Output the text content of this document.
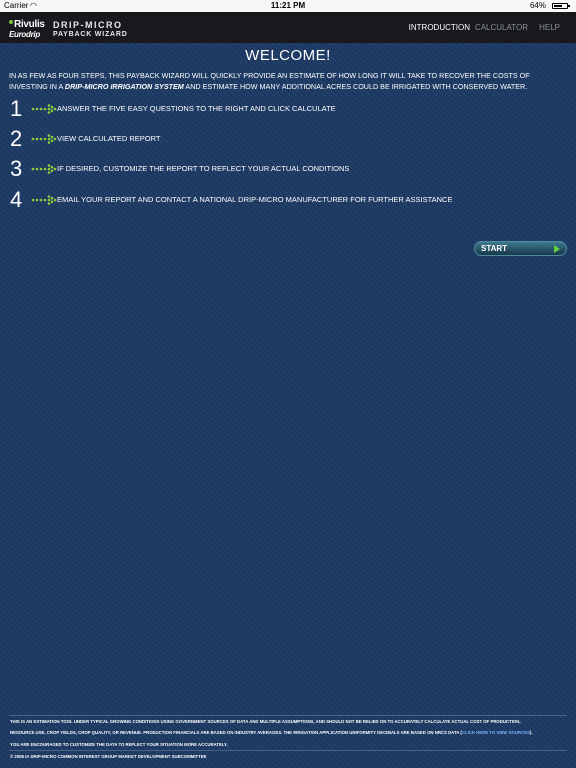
Carrier ◠	11:21 PM	64%
Rivulis
Eurodrip
DRIP-MICRO
PAYBACK WIZARD
INTRODUCTION CALCULATOR HELP
WELCOME!
IN AS FEW AS FOUR STEPS, THIS PAYBACK WIZARD WILL QUICKLY PROVIDE AN ESTIMATE OF HOW LONG IT WILL TAKE TO RECOVER THE COSTS OF INVESTING IN A DRIP-MICRO IRRIGATION SYSTEM AND ESTIMATE HOW MANY ADDITIONAL ACRES COULD BE IRRIGATED WITH CONSERVED WATER.
1	ANSWER THE FIVE EASY QUESTIONS TO THE RIGHT AND CLICK CALCULATE
2	VIEW CALCULATED REPORT
3	IF DESIRED, CUSTOMIZE THE REPORT TO REFLECT YOUR ACTUAL CONDITIONS
4	EMAIL YOUR REPORT AND CONTACT A NATIONAL DRIP-MICRO MANUFACTURER FOR FURTHER ASSISTANCE
START
THIS IS AN ESTIMATION TOOL UNDER TYPICAL GROWING CONDITIONS USING GOVERNMENT SOURCES OF DATA AND MULTIPLE ASSUMPTIONS, AND SHOULD NOT BE RELIED ON TO ACCURATELY CALCULATE ACTUAL COST OF PRODUCTION,
RESOURCE USE, CROP YIELDS, CROP QUALITY, OR REVENUE. PRODUCTION FINANCIALS ARE BASED ON INDUSTRY AVERAGES. THE IRRIGATION APPLICATION UNIFORMITY DECIMALS ARE BASED ON NRCS DATA (CLICK HERE TO VIEW SOURCES).
YOU ARE ENCOURAGED TO CUSTOMIZE THE DATA TO REFLECT YOUR SITUATION MORE ACCURATELY.
© 2008 IA DRIP-MICRO COMMON INTEREST GROUP MARKET DEVELOPMENT SUBCOMMITTEE
